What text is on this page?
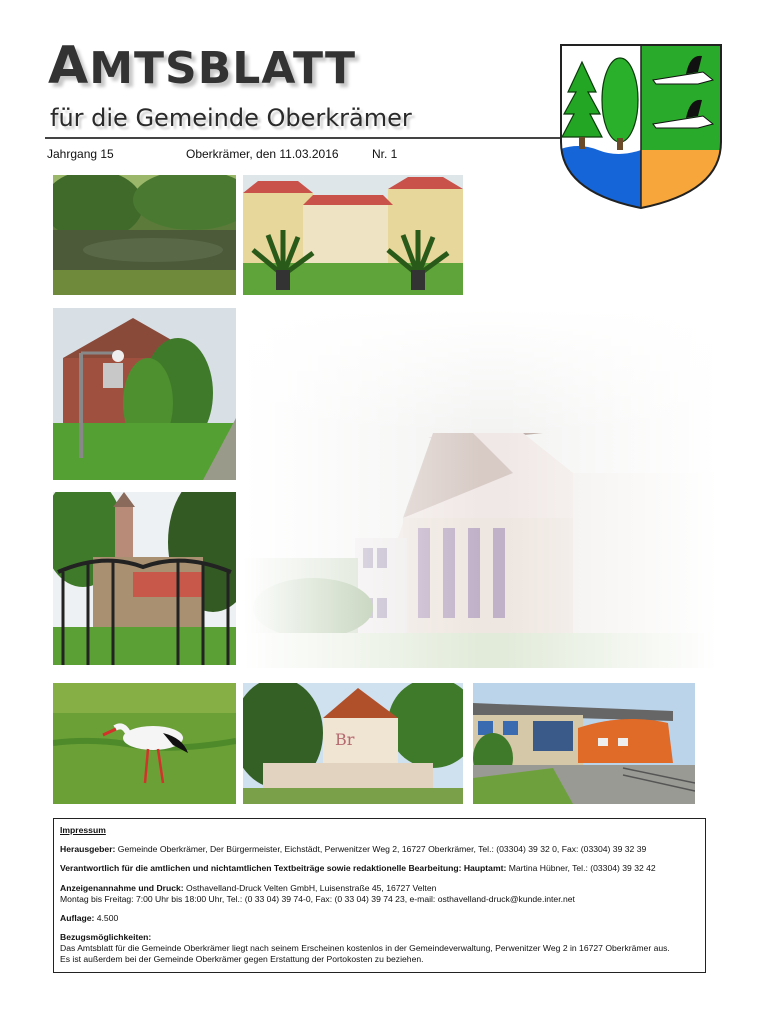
AMTSBLATT
für die Gemeinde Oberkrämer
Jahrgang 15	Oberkrämer, den 11.03.2016	Nr. 1
Br

Impressum

Herausgeber: Gemeinde Oberkrämer, Der Bürgermeister, Eichstädt, Perwenitzer Weg 2, 16727 Oberkrämer, Tel.: (03304) 39 32 0, Fax: (03304) 39 32 39

Verantwortlich für die amtlichen und nichtamtlichen Textbeiträge sowie redaktionelle Bearbeitung: Hauptamt: Martina Hübner, Tel.: (03304) 39 32 42

Anzeigenannahme und Druck: Osthavelland-Druck Velten GmbH, Luisenstraße 45, 16727 Velten
Montag bis Freitag: 7:00 Uhr bis 18:00 Uhr, Tel.: (0 33 04) 39 74-0, Fax: (0 33 04) 39 74 23, e-mail: osthavelland-druck@kunde.inter.net

Auflage: 4.500

Bezugsmöglichkeiten:
Das Amtsblatt für die Gemeinde Oberkrämer liegt nach seinem Erscheinen kostenlos in der Gemeindeverwaltung, Perwenitzer Weg 2 in 16727 Oberkrämer aus.
Es ist außerdem bei der Gemeinde Oberkrämer gegen Erstattung der Portokosten zu beziehen.
